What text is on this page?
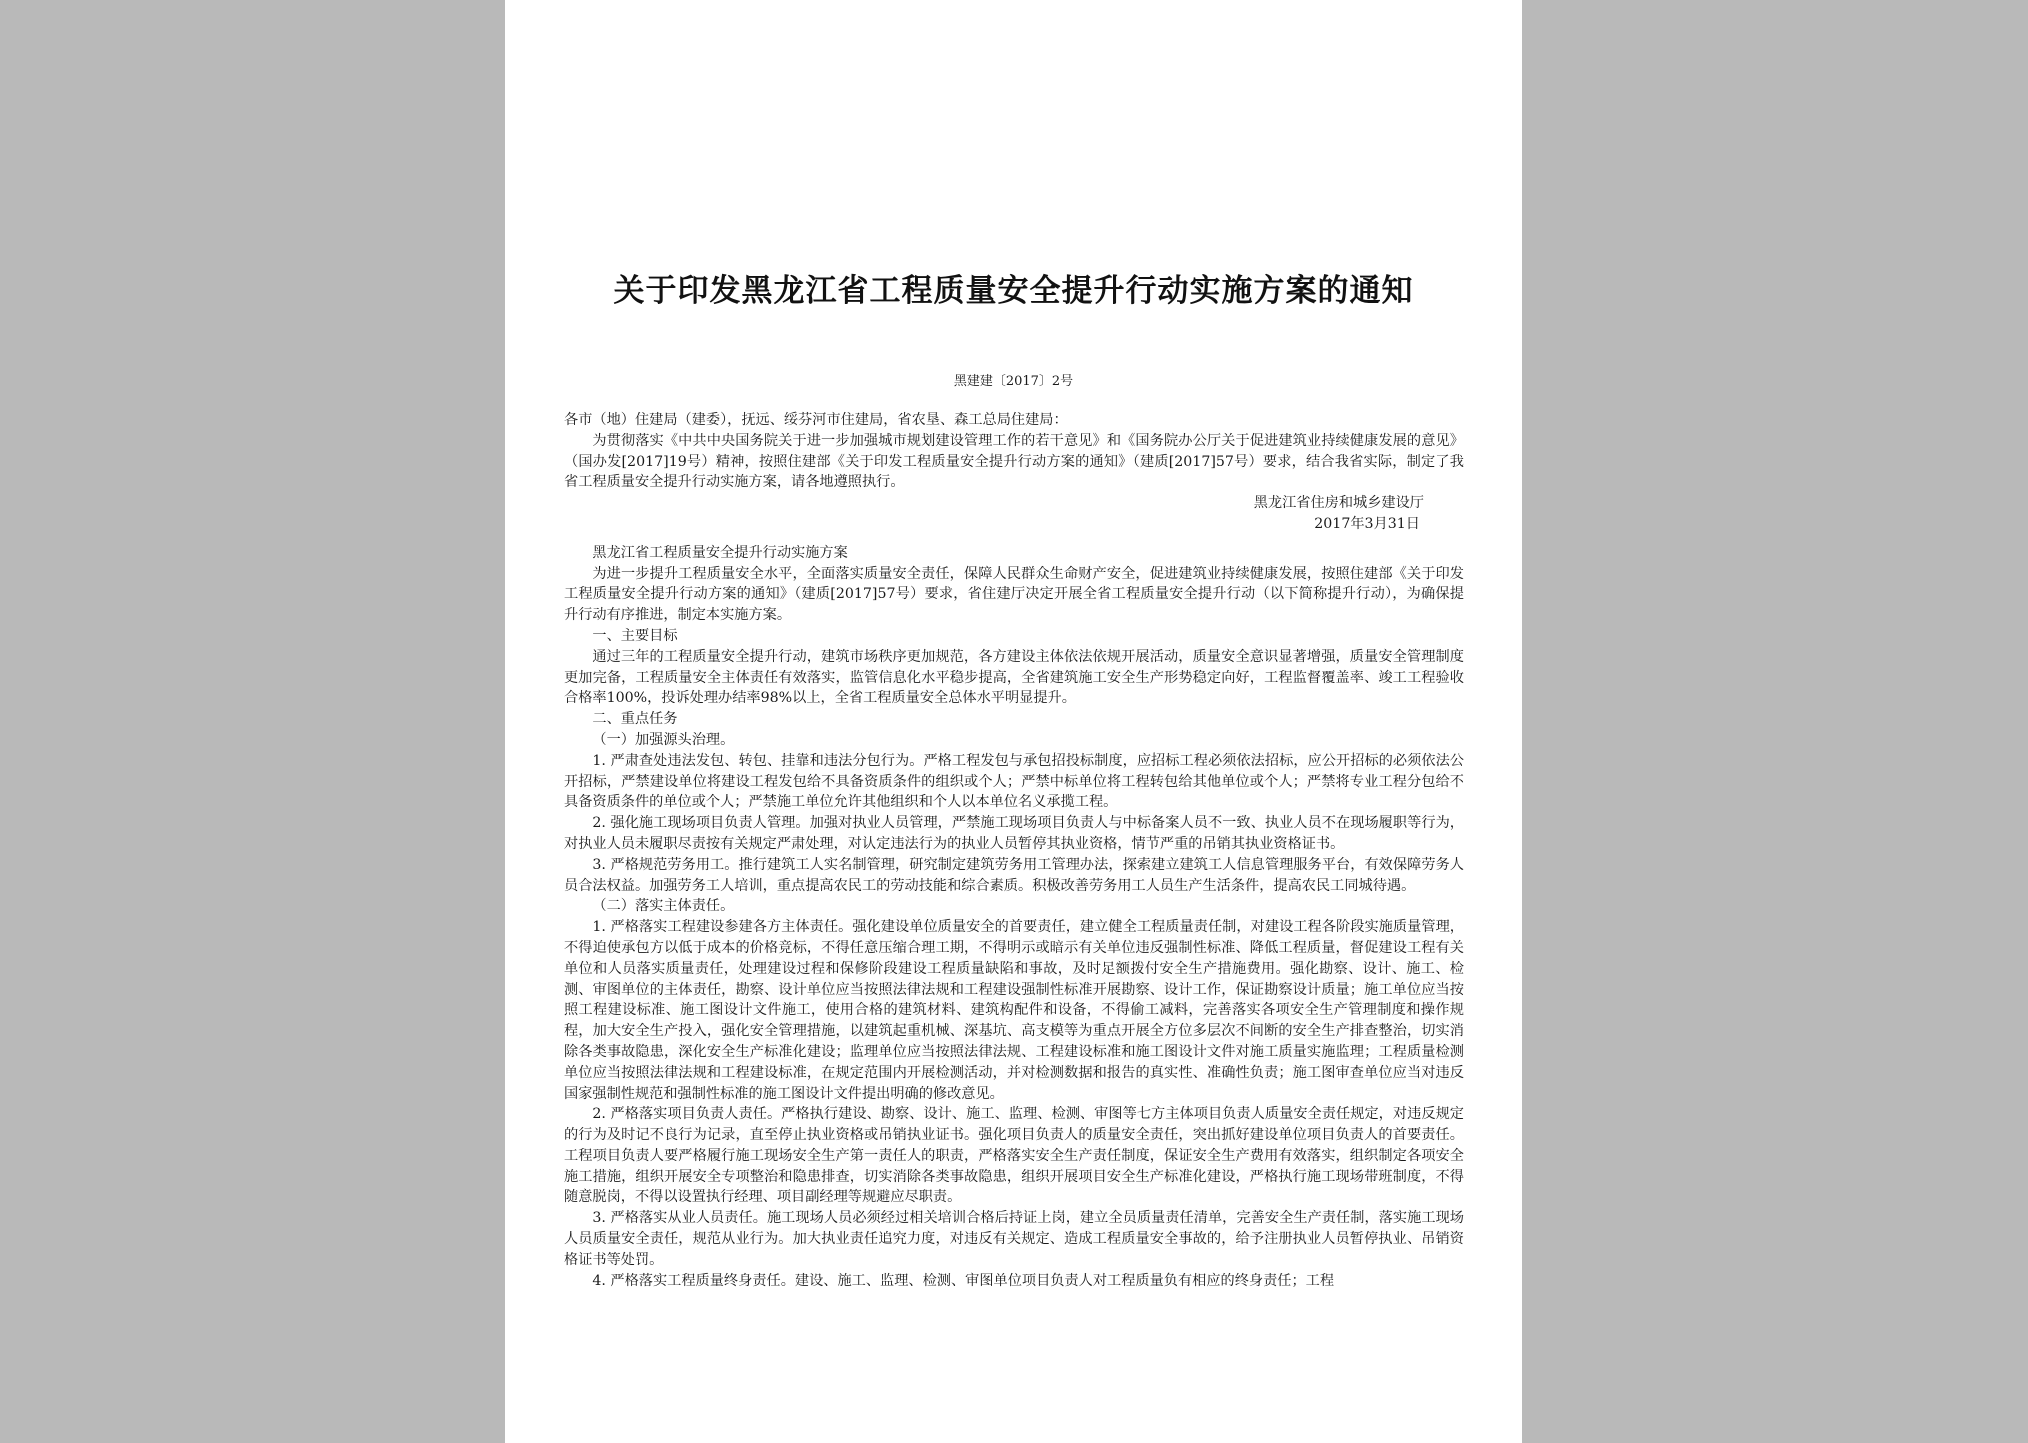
关于印发黑龙江省工程质量安全提升行动实施方案的通知
黑建建〔2017〕2号

各市（地）住建局（建委），抚远、绥芬河市住建局，省农垦、森工总局住建局：

为贯彻落实《中共中央国务院关于进一步加强城市规划建设管理工作的若干意见》和《国务院办公厅关于促进建筑业持续健康发展的意见》（国办发[2017]19号）精神，按照住建部《关于印发工程质量安全提升行动方案的通知》（建质[2017]57号）要求，结合我省实际，制定了我省工程质量安全提升行动实施方案，请各地遵照执行。

黑龙江省住房和城乡建设厅

2017年3月31日

黑龙江省工程质量安全提升行动实施方案

为进一步提升工程质量安全水平，全面落实质量安全责任，保障人民群众生命财产安全，促进建筑业持续健康发展，按照住建部《关于印发工程质量安全提升行动方案的通知》（建质[2017]57号）要求，省住建厅决定开展全省工程质量安全提升行动（以下简称提升行动），为确保提升行动有序推进，制定本实施方案。

一、主要目标

通过三年的工程质量安全提升行动，建筑市场秩序更加规范，各方建设主体依法依规开展活动，质量安全意识显著增强，质量安全管理制度更加完备，工程质量安全主体责任有效落实，监管信息化水平稳步提高，全省建筑施工安全生产形势稳定向好，工程监督覆盖率、竣工工程验收合格率100%，投诉处理办结率98%以上，全省工程质量安全总体水平明显提升。

二、重点任务

（一）加强源头治理。

1. 严肃查处违法发包、转包、挂靠和违法分包行为。严格工程发包与承包招投标制度，应招标工程必须依法招标，应公开招标的必须依法公开招标，严禁建设单位将建设工程发包给不具备资质条件的组织或个人；严禁中标单位将工程转包给其他单位或个人；严禁将专业工程分包给不具备资质条件的单位或个人；严禁施工单位允许其他组织和个人以本单位名义承揽工程。

2. 强化施工现场项目负责人管理。加强对执业人员管理，严禁施工现场项目负责人与中标备案人员不一致、执业人员不在现场履职等行为，对执业人员未履职尽责按有关规定严肃处理，对认定违法行为的执业人员暂停其执业资格，情节严重的吊销其执业资格证书。

3. 严格规范劳务用工。推行建筑工人实名制管理，研究制定建筑劳务用工管理办法，探索建立建筑工人信息管理服务平台，有效保障劳务人员合法权益。加强劳务工人培训，重点提高农民工的劳动技能和综合素质。积极改善劳务用工人员生产生活条件，提高农民工同城待遇。

（二）落实主体责任。

1. 严格落实工程建设参建各方主体责任。强化建设单位质量安全的首要责任，建立健全工程质量责任制，对建设工程各阶段实施质量管理，不得迫使承包方以低于成本的价格竞标，不得任意压缩合理工期，不得明示或暗示有关单位违反强制性标准、降低工程质量，督促建设工程有关单位和人员落实质量责任，处理建设过程和保修阶段建设工程质量缺陷和事故，及时足额拨付安全生产措施费用。强化勘察、设计、施工、检测、审图单位的主体责任，勘察、设计单位应当按照法律法规和工程建设强制性标准开展勘察、设计工作，保证勘察设计质量；施工单位应当按照工程建设标准、施工图设计文件施工，使用合格的建筑材料、建筑构配件和设备，不得偷工减料，完善落实各项安全生产管理制度和操作规程，加大安全生产投入，强化安全管理措施，以建筑起重机械、深基坑、高支模等为重点开展全方位多层次不间断的安全生产排查整治，切实消除各类事故隐患，深化安全生产标准化建设；监理单位应当按照法律法规、工程建设标准和施工图设计文件对施工质量实施监理；工程质量检测单位应当按照法律法规和工程建设标准，在规定范围内开展检测活动，并对检测数据和报告的真实性、准确性负责；施工图审查单位应当对违反国家强制性规范和强制性标准的施工图设计文件提出明确的修改意见。

2. 严格落实项目负责人责任。严格执行建设、勘察、设计、施工、监理、检测、审图等七方主体项目负责人质量安全责任规定，对违反规定的行为及时记不良行为记录，直至停止执业资格或吊销执业证书。强化项目负责人的质量安全责任，突出抓好建设单位项目负责人的首要责任。工程项目负责人要严格履行施工现场安全生产第一责任人的职责，严格落实安全生产责任制度，保证安全生产费用有效落实，组织制定各项安全施工措施，组织开展安全专项整治和隐患排查，切实消除各类事故隐患，组织开展项目安全生产标准化建设，严格执行施工现场带班制度，不得随意脱岗，不得以设置执行经理、项目副经理等规避应尽职责。

3. 严格落实从业人员责任。施工现场人员必须经过相关培训合格后持证上岗，建立全员质量责任清单，完善安全生产责任制，落实施工现场人员质量安全责任，规范从业行为。加大执业责任追究力度，对违反有关规定、造成工程质量安全事故的，给予注册执业人员暂停执业、吊销资格证书等处罚。

4. 严格落实工程质量终身责任。建设、施工、监理、检测、审图单位项目负责人对工程质量负有相应的终身责任；工程
